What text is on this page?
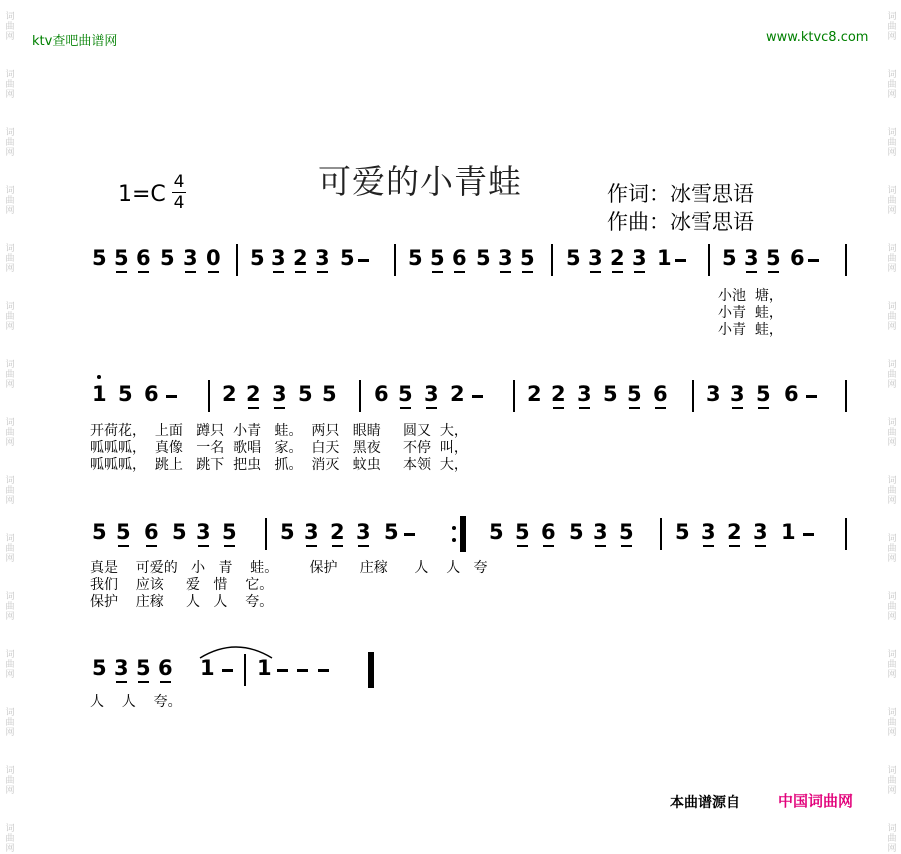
词
曲
网
词
曲
网
词
曲
网
词
曲
网
词
曲
网
词
曲
网
词
曲
网
词
曲
网
词
曲
网
词
曲
网
词
曲
网
词
曲
网
词
曲
网
词
曲
网
词
曲
网
词
曲
网
词
曲
网
词
曲
网
词
曲
网
词
曲
网
词
曲
网
词
曲
网
词
曲
网
词
曲
网
词
曲
网
词
曲
网
词
曲
网
词
曲
网
词
曲
网
词
曲
网
ktv查吧曲谱网	www.ktvc8.com
1=C 4
4
可爱的小青蛙	作词：冰雪思语
作曲：冰雪思语
5 5 6 5 3 0 5 3 2 3 5	5 5 6 5 3 5 5 3 2 3 1 5 3 5 6
1 5 6	2 2 3 5 5 6 5 3 2	2 2 3 5 5 6 3 3 5 6
5 5 6 5 3 5 5 3 2 3 5	5 5 6 5 3 5 5 3 2 3 1
5 3 5 6 1 1
小池  塘，
小青  蛙，
小青  蛙，
开荷花，  上面   蹲只  小青   蛙。  两只   眼睛     圆又  大，
呱呱呱，  真像   一名  歌唱   家。  白天   黑夜     不停  叫，
呱呱呱，  跳上   跳下  把虫   抓。  消灭   蚊虫     本领  大，
真是    可爱的   小   青    蛙。       保护     庄稼      人    人   夸
我们    应该     爱   惜    它。
保护    庄稼     人   人    夸。
人    人    夸。
本曲谱源自	中国词曲网
